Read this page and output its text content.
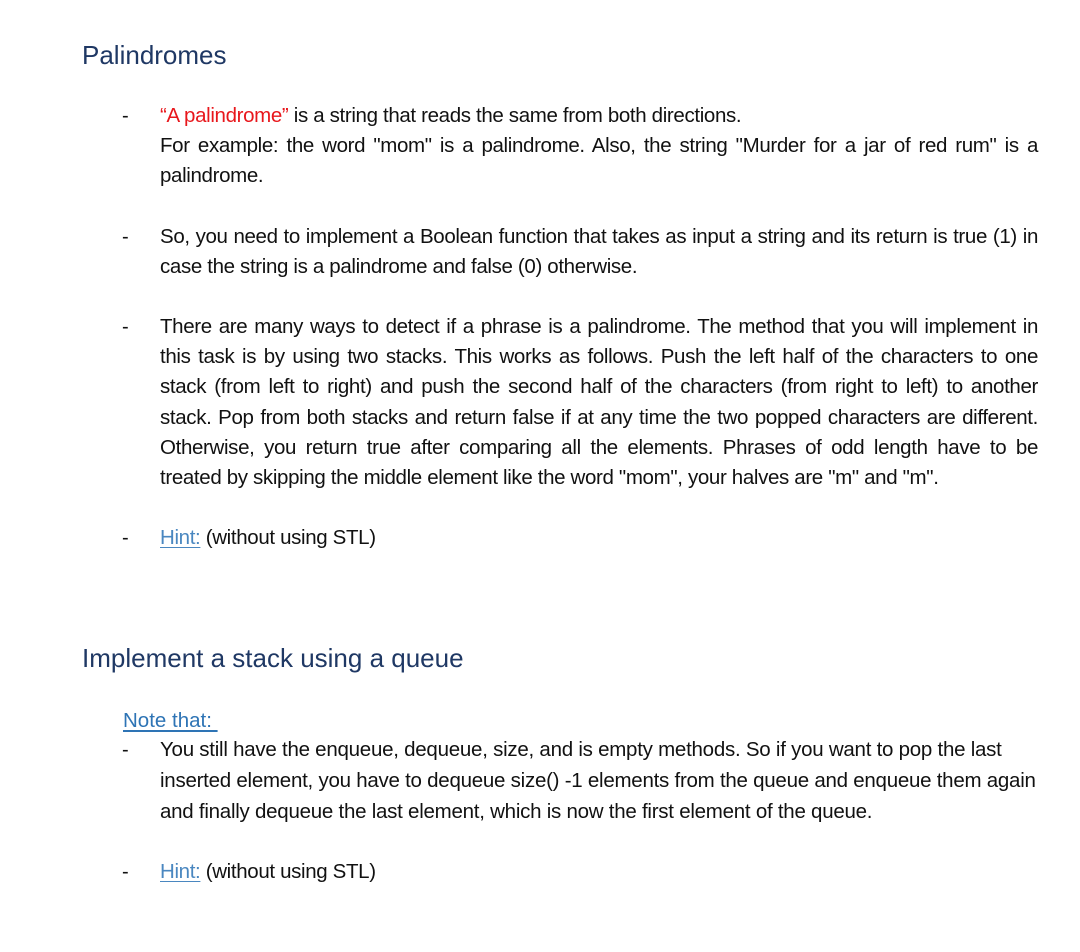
Palindromes
- “A palindrome” is a string that reads the same from both directions.
For example: the word "mom" is a palindrome. Also, the string "Murder for a jar of red rum" is a palindrome.
- So, you need to implement a Boolean function that takes as input a string and its return is true (1) in case the string is a palindrome and false (0) otherwise.
- There are many ways to detect if a phrase is a palindrome. The method that you will implement in this task is by using two stacks. This works as follows. Push the left half of the characters to one stack (from left to right) and push the second half of the characters (from right to left) to another stack. Pop from both stacks and return false if at any time the two popped characters are different. Otherwise, you return true after comparing all the elements. Phrases of odd length have to be treated by skipping the middle element like the word "mom", your halves are "m" and "m".
- Hint: (without using STL)
Implement a stack using a queue
Note that:
- You still have the enqueue, dequeue, size, and is empty methods. So if you want to pop the last inserted element, you have to dequeue size() -1 elements from the queue and enqueue them again and finally dequeue the last element, which is now the first element of the queue.
- Hint: (without using STL)
